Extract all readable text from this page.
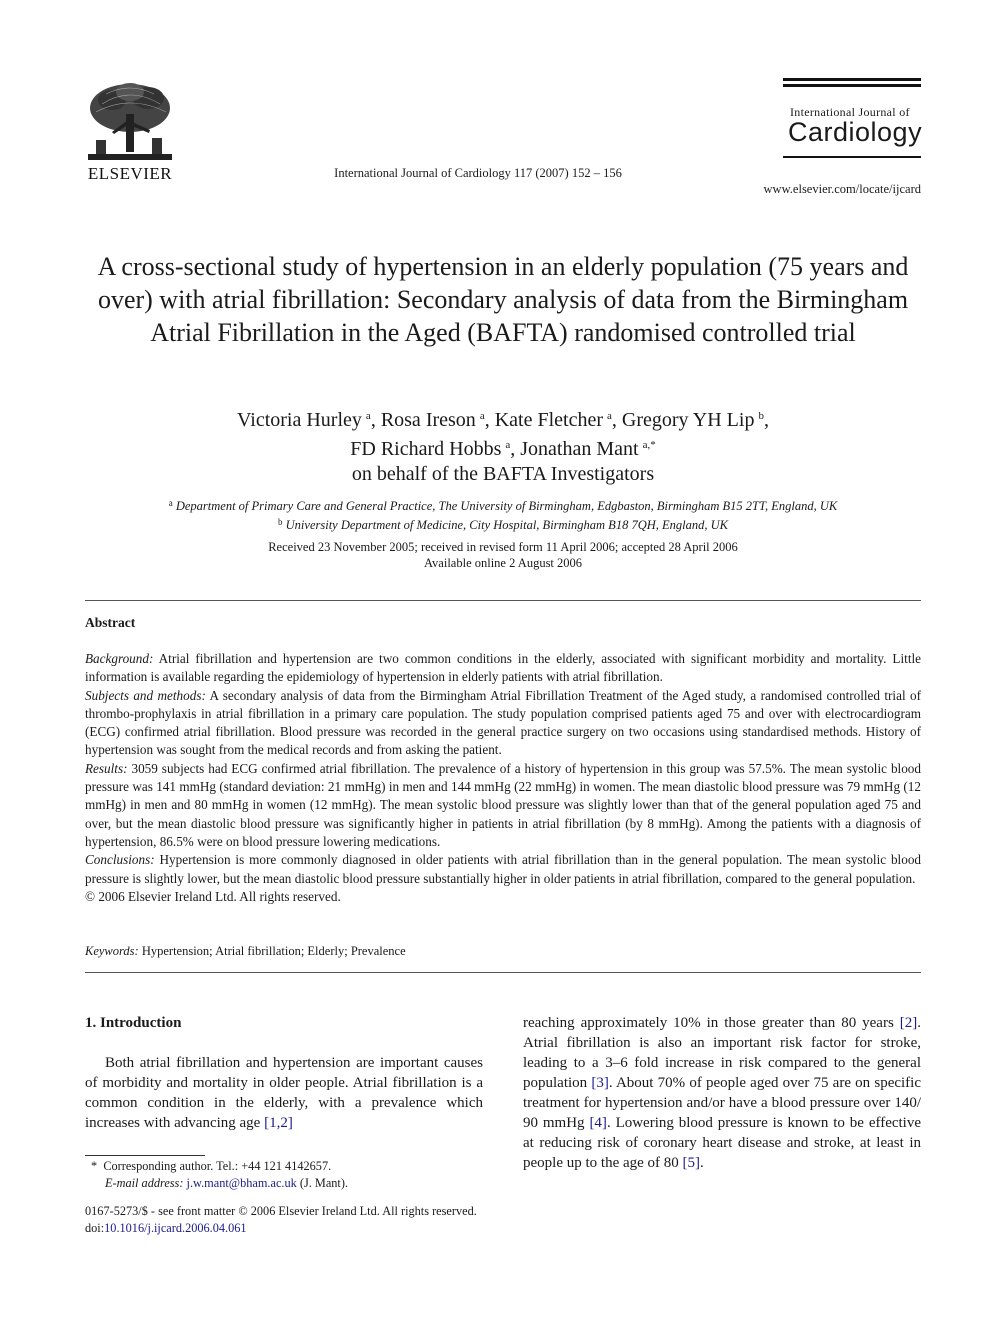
ELSEVIER	International Journal of Cardiology 117 (2007) 152 – 156
International Journal of
Cardiology
www.elsevier.com/locate/ijcard
A cross-sectional study of hypertension in an elderly population (75 years and over) with atrial fibrillation: Secondary analysis of data from the Birmingham Atrial Fibrillation in the Aged (BAFTA) randomised controlled trial
Victoria Hurley  $^a$, Rosa Ireson  $^a$, Kate Fletcher  $^a$, Gregory YH Lip  $^b$,
FD Richard Hobbs  $^a$, Jonathan Mant  $^{a,*}$
on behalf of the BAFTA Investigators
$^a$ Department of Primary Care and General Practice, The University of Birmingham, Edgbaston, Birmingham B15 2TT, England, UK
$^b$ University Department of Medicine, City Hospital, Birmingham B18 7QH, England, UK
Received 23 November 2005; received in revised form 11 April 2006; accepted 28 April 2006
Available online 2 August 2006
Abstract

Background: Atrial fibrillation and hypertension are two common conditions in the elderly, associated with significant morbidity and mortality. Little information is available regarding the epidemiology of hypertension in elderly patients with atrial fibrillation.

Subjects and methods: A secondary analysis of data from the Birmingham Atrial Fibrillation Treatment of the Aged study, a randomised controlled trial of thrombo-prophylaxis in atrial fibrillation in a primary care population. The study population comprised patients aged 75 and over with electrocardiogram (ECG) confirmed atrial fibrillation. Blood pressure was recorded in the general practice surgery on two occasions using standardised methods. History of hypertension was sought from the medical records and from asking the patient.

Results: 3059 subjects had ECG confirmed atrial fibrillation. The prevalence of a history of hypertension in this group was 57.5%. The mean systolic blood pressure was 141 mmHg (standard deviation: 21 mmHg) in men and 144 mmHg (22 mmHg) in women. The mean diastolic blood pressure was 79 mmHg (12 mmHg) in men and 80 mmHg in women (12 mmHg). The mean systolic blood pressure was slightly lower than that of the general population aged 75 and over, but the mean diastolic blood pressure was significantly higher in patients in atrial fibrillation (by 8 mmHg). Among the patients with a diagnosis of hypertension, 86.5% were on blood pressure lowering medications.

Conclusions: Hypertension is more commonly diagnosed in older patients with atrial fibrillation than in the general population. The mean systolic blood pressure is slightly lower, but the mean diastolic blood pressure substantially higher in older patients in atrial fibrillation, compared to the general population.

© 2006 Elsevier Ireland Ltd. All rights reserved.

Keywords: Hypertension; Atrial fibrillation; Elderly; Prevalence
1. Introduction

Both atrial fibrillation and hypertension are important causes of morbidity and mortality in older people. Atrial fibrillation is a common condition in the elderly, with a prevalence which increases with advancing age [1,2]

reaching approximately 10% in those greater than 80 years [2]. Atrial fibrillation is also an important risk factor for stroke, leading to a 3–6 fold increase in risk compared to the general population [3]. About 70% of people aged over 75 are on specific treatment for hypertension and/or have a blood pressure over 140/ 90 mmHg [4]. Lowering blood pressure is known to be effective at reducing risk of coronary heart disease and stroke, at least in people up to the age of 80 [5].

* Corresponding author. Tel.: +44 121 4142657.
E-mail address: j.w.mant@bham.ac.uk (J. Mant).
0167-5273/$ - see front matter © 2006 Elsevier Ireland Ltd. All rights reserved.
doi:10.1016/j.ijcard.2006.04.061
